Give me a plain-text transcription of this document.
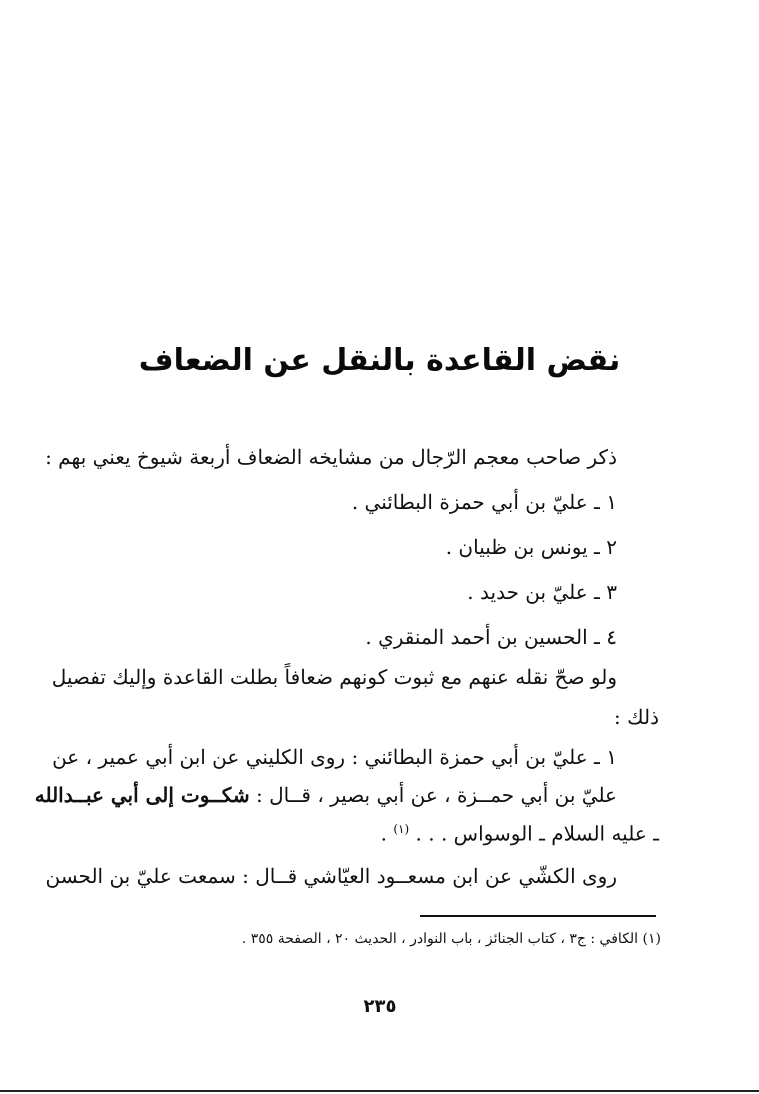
نقض القاعدة بالنقل عن الضعاف
ذكر صاحب معجم الرّجال من مشايخه الضعاف أربعة شيوخ يعني بهم :
١ ـ عليّ بن أبي حمزة البطائني .
٢ ـ يونس بن ظبيان .
٣ ـ عليّ بن حديد .
٤ ـ الحسين بن أحمد المنقري .
ولو صحّ نقله عنهم مع ثبوت كونهم ضعافاً بطلت القاعدة وإليك تفصيل
ذلك :
١ ـ عليّ بن أبي حمزة البطائني : روى الكليني عن ابن أبي عمير ، عن
عليّ بن أبي حمــزة ، عن أبي بصير ، قــال : شكــوت إلى أبي عبــدالله
ـ عليه السلام ـ الوسواس . . . $^{(١)}$ .
روى الكشّي عن ابن مسعــود العيّاشي قــال : سمعت عليّ بن الحسن
(١) الكافي : ج٣ ، كتاب الجنائز ، باب النوادر ، الحديث ٢٠ ، الصفحة ٣٥٥ .
٢٣٥
